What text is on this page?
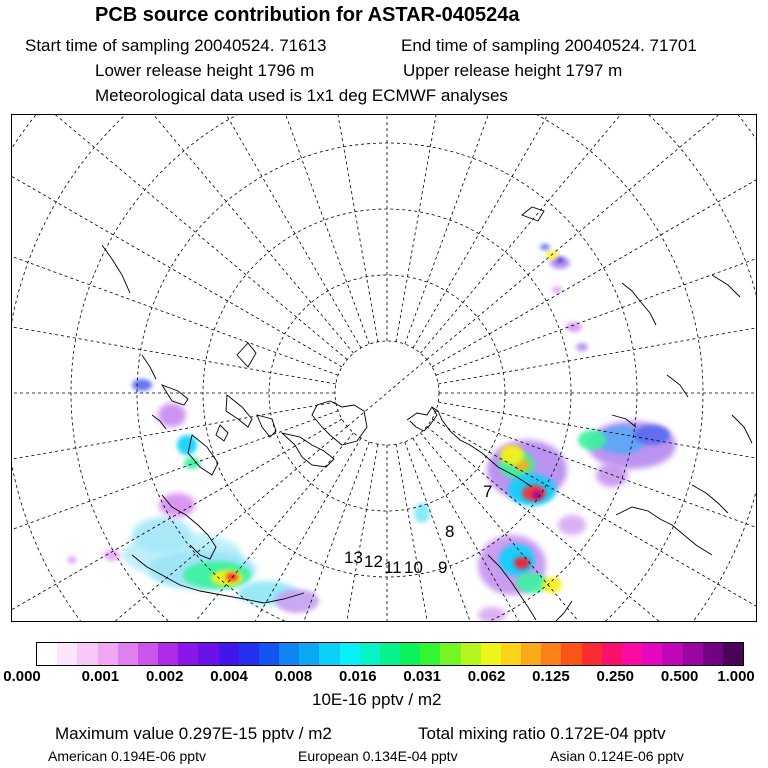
PCB source contribution for ASTAR-040524a
Start time of sampling 20040524. 71613	End time of sampling 20040524. 71701
Lower release height 1796 m	Upper release height 1797 m
Meteorological data used is 1x1 deg ECMWF analyses
7
8
9
10
11
12
13
0.000	0.001 0.002 0.004 0.008 0.016 0.031 0.062 0.125 0.250 0.500 1.000
10E-16 pptv / m2
Maximum value 0.297E-15 pptv / m2	Total mixing ratio 0.172E-04 pptv
American 0.194E-06 pptv	European 0.134E-04 pptv	Asian 0.124E-06 pptv
